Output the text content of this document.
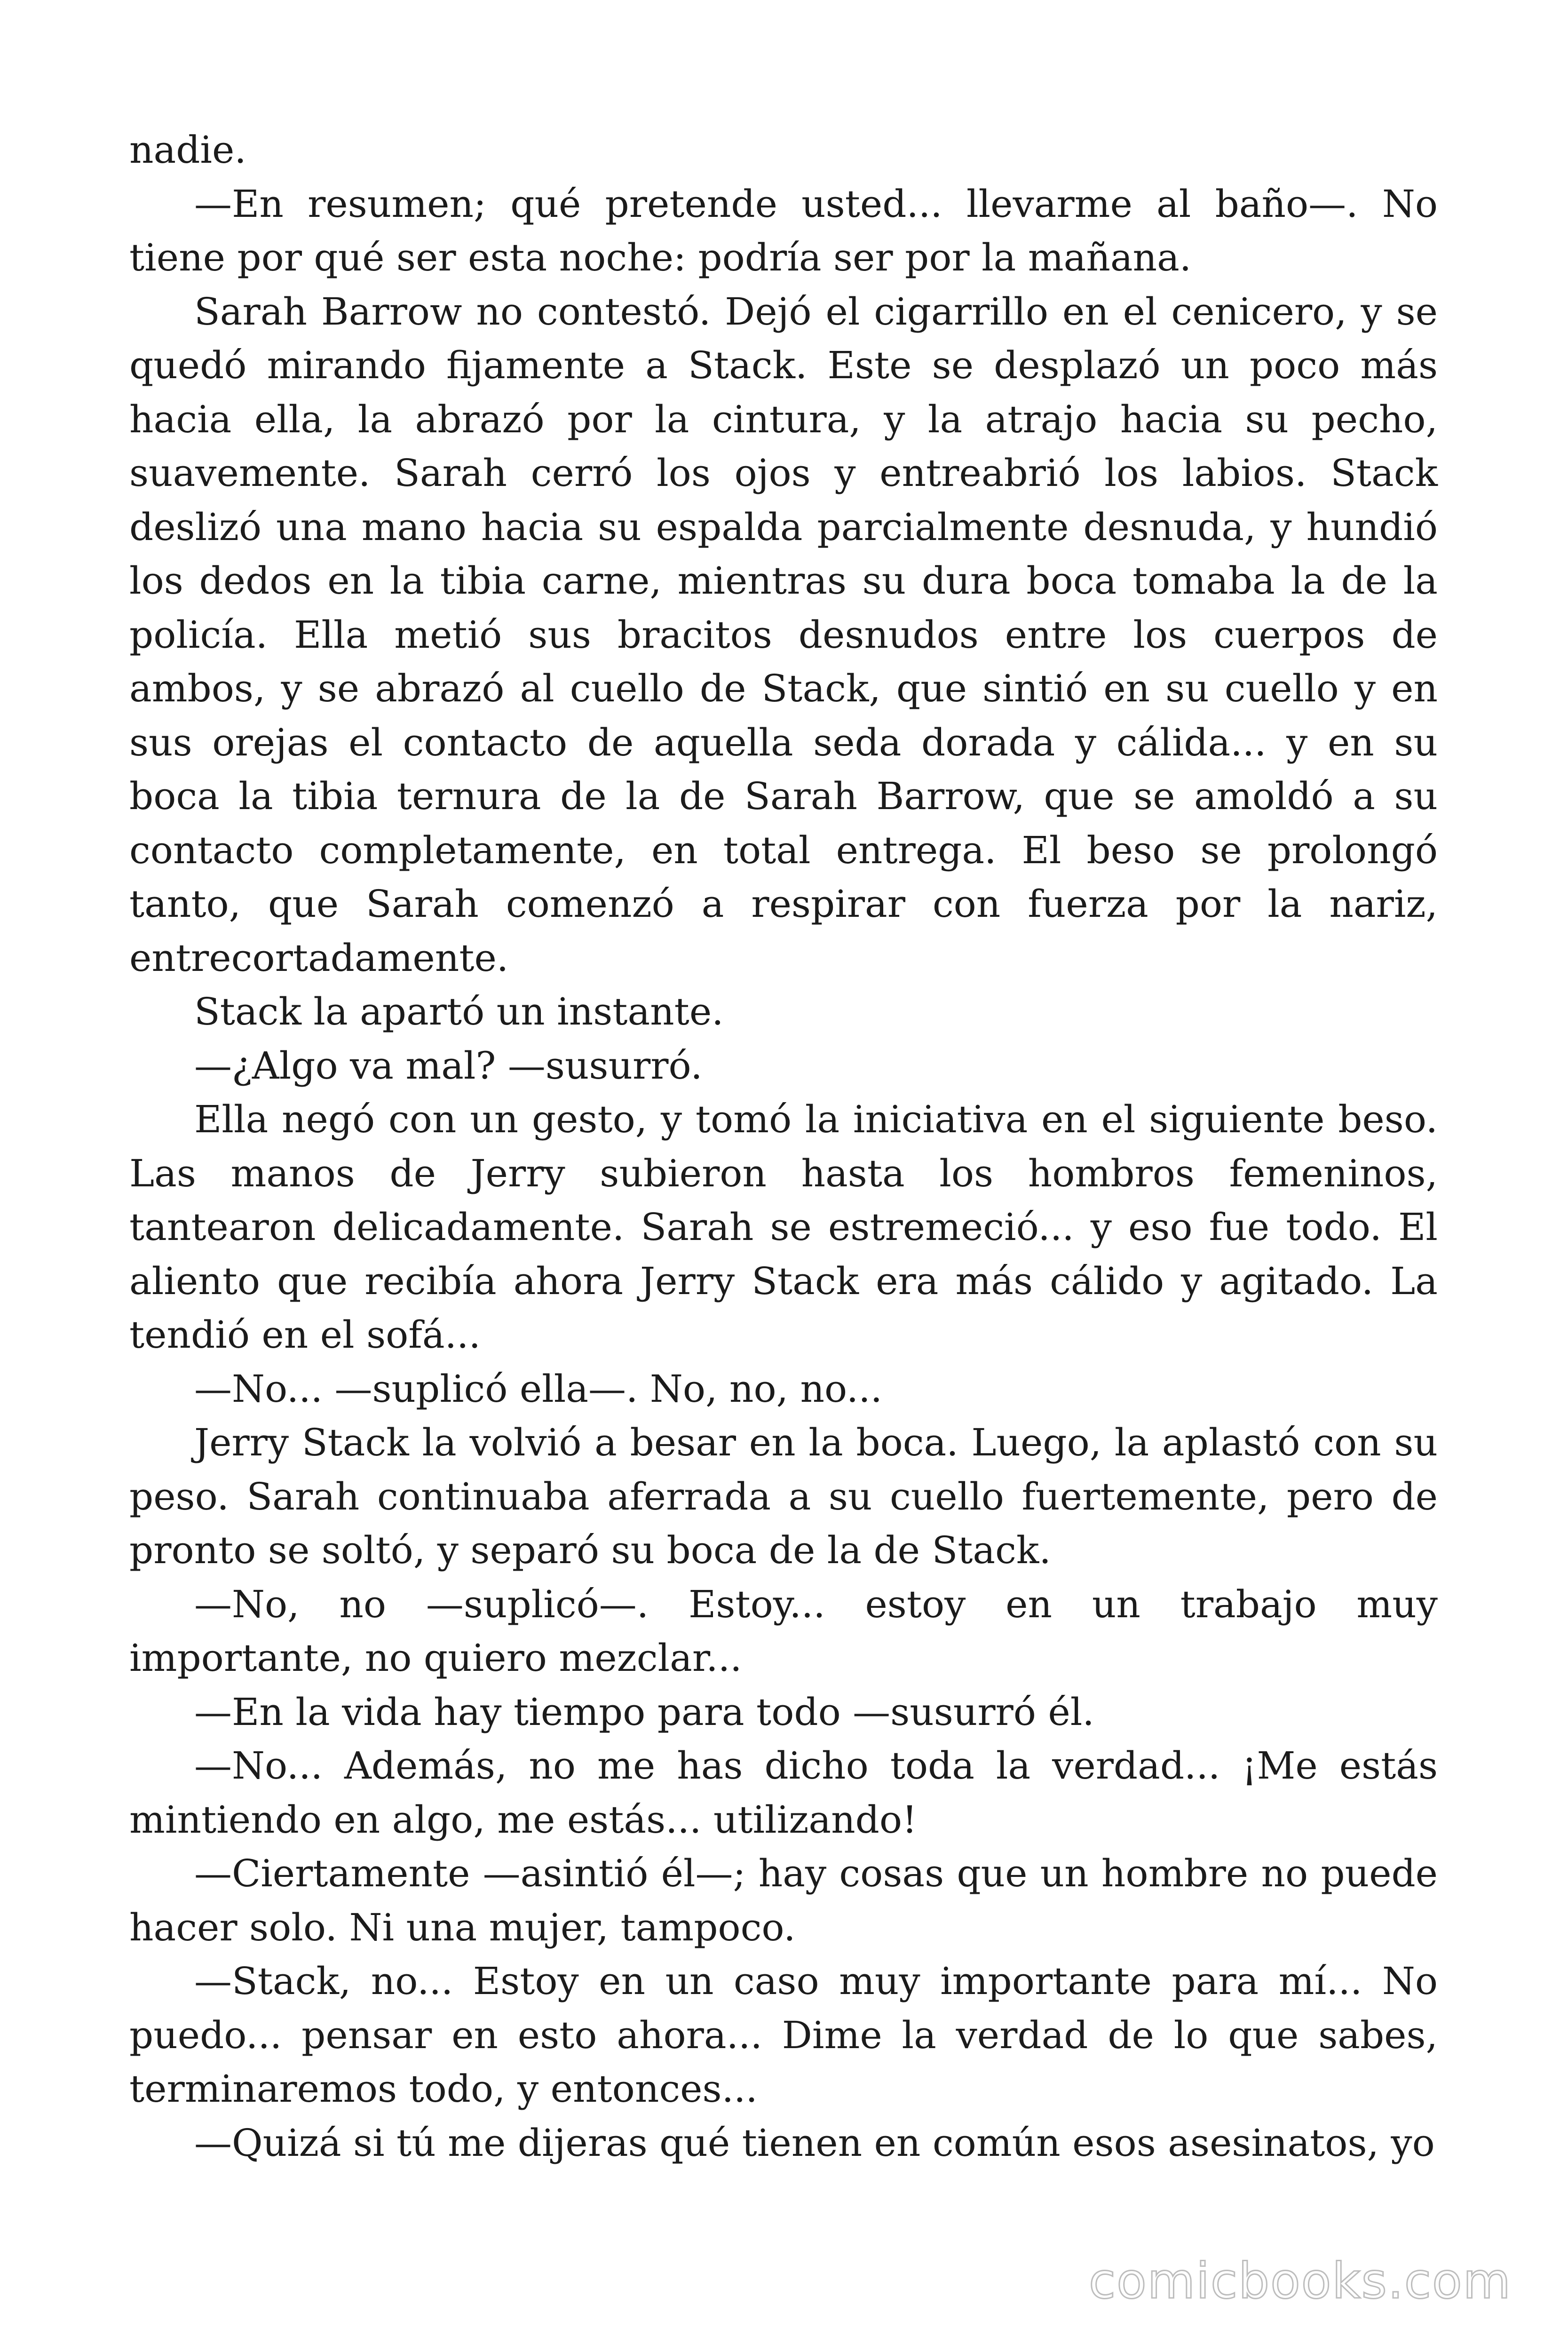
nadie.

—En resumen; qué pretende usted... llevarme al baño—. No tiene por qué ser esta noche: podría ser por la mañana.

Sarah Barrow no contestó. Dejó el cigarrillo en el cenicero, y se quedó mirando fijamente a Stack. Este se desplazó un poco más hacia ella, la abrazó por la cintura, y la atrajo hacia su pecho, suavemente. Sarah cerró los ojos y entreabrió los labios. Stack deslizó una mano hacia su espalda parcialmente desnuda, y hundió los dedos en la tibia carne, mientras su dura boca tomaba la de la policía. Ella metió sus bracitos desnudos entre los cuerpos de ambos, y se abrazó al cuello de Stack, que sintió en su cuello y en sus orejas el contacto de aquella seda dorada y cálida... y en su boca la tibia ternura de la de Sarah Barrow, que se amoldó a su contacto completamente, en total entrega. El beso se prolongó tanto, que Sarah comenzó a respirar con fuerza por la nariz, entrecortadamente.

Stack la apartó un instante.

—¿Algo va mal? —susurró.

Ella negó con un gesto, y tomó la iniciativa en el siguiente beso. Las manos de Jerry subieron hasta los hombros femeninos, tantearon delicadamente. Sarah se estremeció... y eso fue todo. El aliento que recibía ahora Jerry Stack era más cálido y agitado. La tendió en el sofá...

—No... —suplicó ella—. No, no, no...

Jerry Stack la volvió a besar en la boca. Luego, la aplastó con su peso. Sarah continuaba aferrada a su cuello fuertemente, pero de pronto se soltó, y separó su boca de la de Stack.

—No, no —suplicó—. Estoy... estoy en un trabajo muy importante, no quiero mezclar...

—En la vida hay tiempo para todo —susurró él.

—No... Además, no me has dicho toda la verdad... ¡Me estás mintiendo en algo, me estás... utilizando!

—Ciertamente —asintió él—; hay cosas que un hombre no puede hacer solo. Ni una mujer, tampoco.

—Stack, no... Estoy en un caso muy importante para mí... No puedo... pensar en esto ahora... Dime la verdad de lo que sabes, terminaremos todo, y entonces...

—Quizá si tú me dijeras qué tienen en común esos asesinatos, yo

comicbooks.com
